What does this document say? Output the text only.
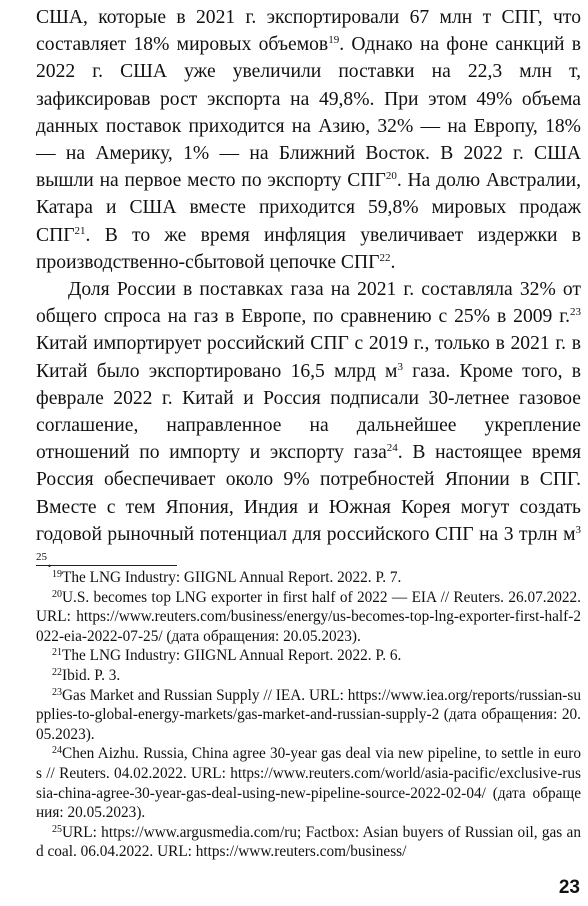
США, которые в 2021 г. экспортировали 67 млн т СПГ, что составляет 18% мировых объемов$^{19}$. Однако на фоне санкций в 2022 г. США уже увеличили поставки на 22,3 млн т, зафиксировав рост экспорта на 49,8%. При этом 49% объема данных поставок приходится на Азию, 32% — на Европу, 18% — на Америку, 1% — на Ближний Восток. В 2022 г. США вышли на первое место по экспорту СПГ$^{20}$. На долю Австралии, Катара и США вместе приходится 59,8% мировых продаж СПГ$^{21}$. В то же время инфляция увеличивает издержки в производственно-сбытовой цепочке СПГ$^{22}$.

Доля России в поставках газа на 2021 г. составляла 32% от общего спроса на газ в Европе, по сравнению с 25% в 2009 г.$^{23}$ Китай импортирует российский СПГ с 2019 г., только в 2021 г. в Китай было экспортировано 16,5 млрд $м^3$ газа. Кроме того, в феврале 2022 г. Китай и Россия подписали 30-летнее газовое соглашение, направленное на дальнейшее укрепление отношений по импорту и экспорту газа$^{24}$. В настоящее время Россия обеспечивает около 9% потребностей Японии в СПГ. Вместе с тем Япония, Индия и Южная Корея могут создать годовой рыночный потенциал для российского СПГ на 3 трлн $м^{3 25}$.

$^{19}$The LNG Industry: GIIGNL Annual Report. 2022. P. 7.

$^{20}$U.S. becomes top LNG exporter in first half of 2022 — EIA // Reuters. 26.07.2022. URL: https://www.reuters.com/business/energy/us-becomes-top-lng-exporter-first-half-2022-eia-2022-07-25/ (дата обращения: 20.05.2023).

$^{21}$The LNG Industry: GIIGNL Annual Report. 2022. P. 6.

$^{22}$Ibid. P. 3.

$^{23}$Gas Market and Russian Supply // IEA. URL: https://www.iea.org/reports/russian-supplies-to-global-energy-markets/gas-market-and-russian-supply-2 (дата обращения: 20.05.2023).

$^{24}$Chen Aizhu. Russia, China agree 30-year gas deal via new pipeline, to settle in euros // Reuters. 04.02.2022. URL: https://www.reuters.com/world/asia-pacific/exclusive-russia-china-agree-30-year-gas-deal-using-new-pipeline-source-2022-02-04/ (дата обращения: 20.05.2023).

$^{25}$URL: https://www.argusmedia.com/ru; Factbox: Asian buyers of Russian oil, gas and coal. 06.04.2022. URL: https://www.reuters.com/business/

23
